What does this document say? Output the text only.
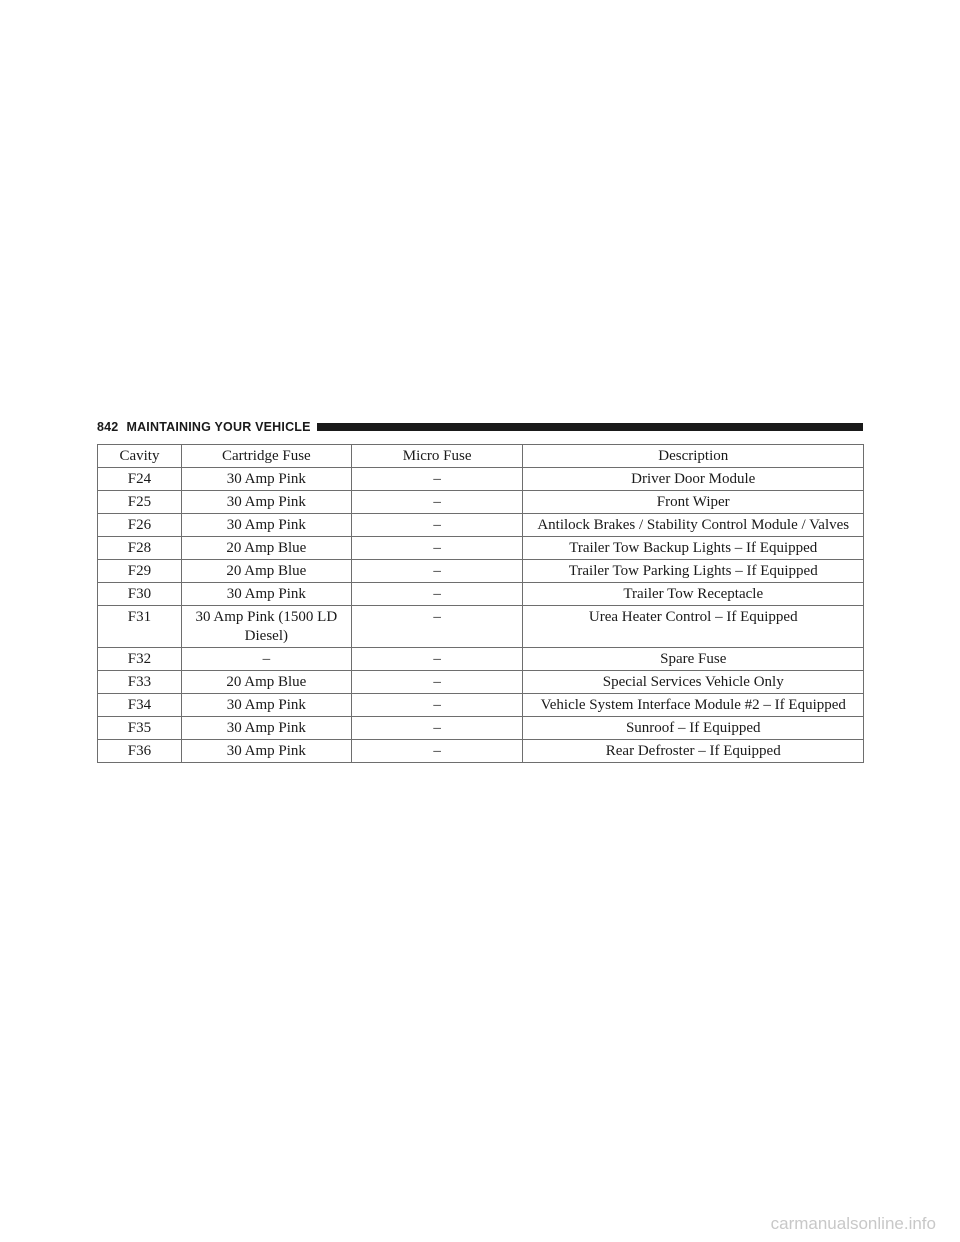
842 MAINTAINING YOUR VEHICLE
Cavity	Cartridge Fuse	Micro Fuse	Description
F24	30 Amp Pink	–	Driver Door Module
F25	30 Amp Pink	–	Front Wiper
F26	30 Amp Pink	–	Antilock Brakes / Stability Control Module / Valves
F28	20 Amp Blue	–	Trailer Tow Backup Lights – If Equipped
F29	20 Amp Blue	–	Trailer Tow Parking Lights – If Equipped
F30	30 Amp Pink	–	Trailer Tow Receptacle
F31	30 Amp Pink (1500 LD Diesel)	–	Urea Heater Control – If Equipped
F32	–	–	Spare Fuse
F33	20 Amp Blue	–	Special Services Vehicle Only
F34	30 Amp Pink	–	Vehicle System Interface Module #2 – If Equipped
F35	30 Amp Pink	–	Sunroof – If Equipped
F36	30 Amp Pink	–	Rear Defroster – If Equipped
carmanualsonline.info
